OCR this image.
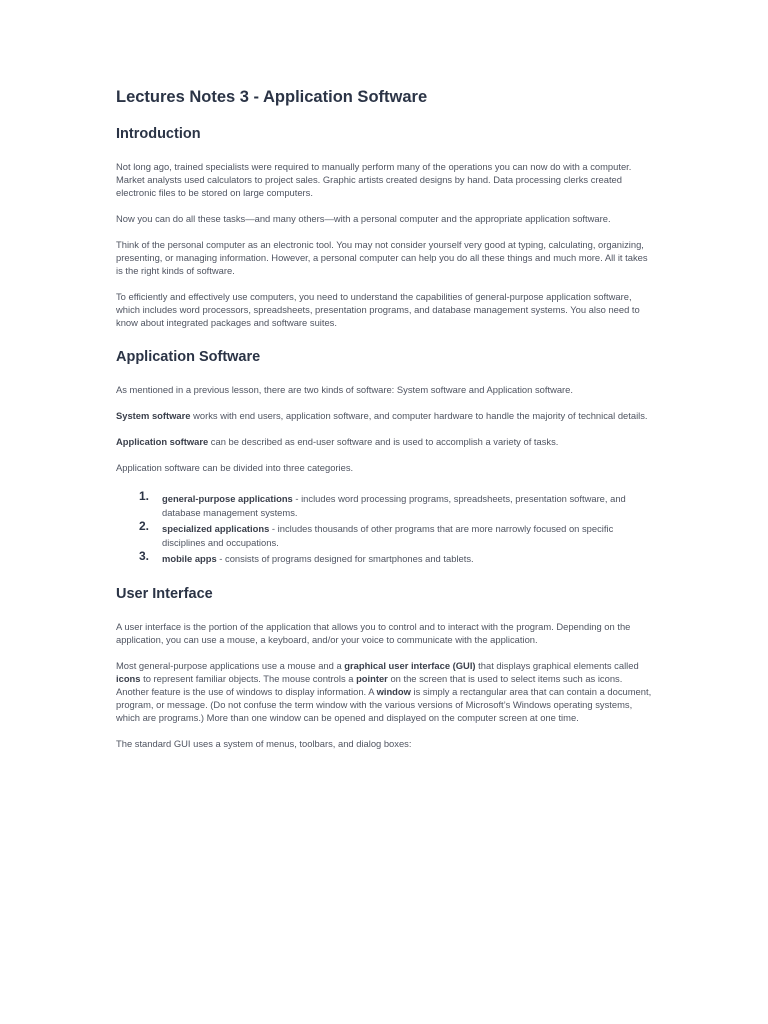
Lectures Notes 3 - Application Software
Introduction

Not long ago, trained specialists were required to manually perform many of the operations you can now do with a computer. Market analysts used calculators to project sales. Graphic artists created designs by hand. Data processing clerks created electronic files to be stored on large computers.

Now you can do all these tasks—and many others—with a personal computer and the appropriate application software.

Think of the personal computer as an electronic tool. You may not consider yourself very good at typing, calculating, organizing, presenting, or managing information. However, a personal computer can help you do all these things and much more. All it takes is the right kinds of software.

To efficiently and effectively use computers, you need to understand the capabilities of general-purpose application software, which includes word processors, spreadsheets, presentation programs, and database management systems. You also need to know about integrated packages and software suites.

Application Software

As mentioned in a previous lesson, there are two kinds of software: System software and Application software.

System software works with end users, application software, and computer hardware to handle the majority of technical details.

Application software can be described as end-user software and is used to accomplish a variety of tasks.

Application software can be divided into three categories.

1. general-purpose applications - includes word processing programs, spreadsheets, presentation software, and database management systems.
2. specialized applications - includes thousands of other programs that are more narrowly focused on specific disciplines and occupations.
3. mobile apps - consists of programs designed for smartphones and tablets.
User Interface

A user interface is the portion of the application that allows you to control and to interact with the program. Depending on the application, you can use a mouse, a keyboard, and/or your voice to communicate with the application.

Most general-purpose applications use a mouse and a graphical user interface (GUI) that displays graphical elements called icons to represent familiar objects. The mouse controls a pointer on the screen that is used to select items such as icons. Another feature is the use of windows to display information. A window is simply a rectangular area that can contain a document, program, or message. (Do not confuse the term window with the various versions of Microsoft’s Windows operating systems, which are programs.) More than one window can be opened and displayed on the computer screen at one time.

The standard GUI uses a system of menus, toolbars, and dialog boxes:
